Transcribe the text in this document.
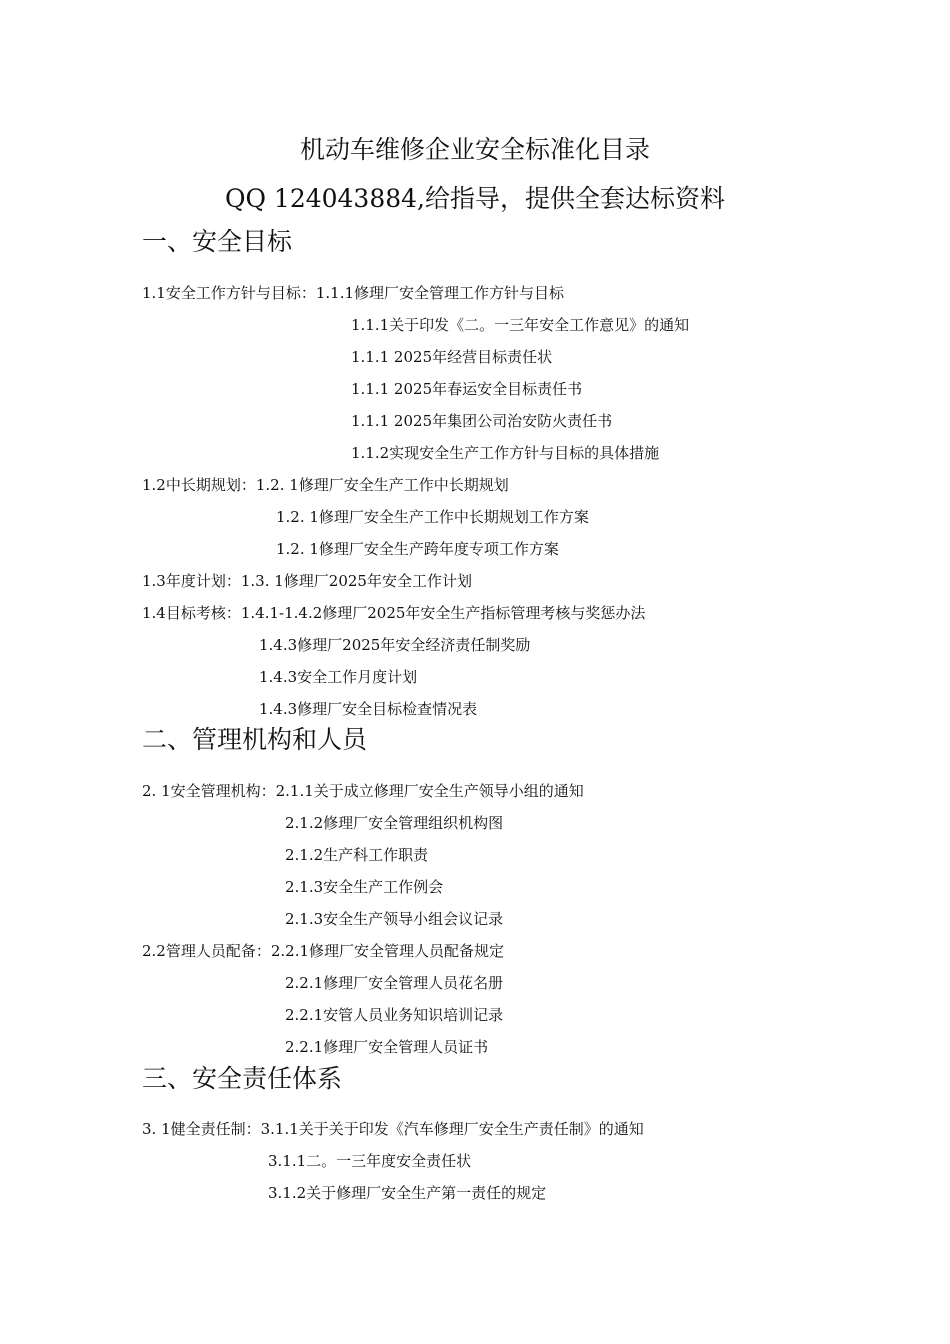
机动车维修企业安全标准化目录
QQ 124043884,给指导，提供全套达标资料
一、安全目标
1.1安全工作方针与目标：1.1.1修理厂安全管理工作方针与目标
1.1.1关于印发《二。一三年安全工作意见》的通知
1.1.1 2025年经营目标责任状
1.1.1 2025年春运安全目标责任书
1.1.1 2025年集团公司治安防火责任书
1.1.2实现安全生产工作方针与目标的具体措施
1.2中长期规划：1.2. 1修理厂安全生产工作中长期规划
1.2. 1修理厂安全生产工作中长期规划工作方案
1.2. 1修理厂安全生产跨年度专项工作方案
1.3年度计划：1.3. 1修理厂2025年安全工作计划
1.4目标考核：1.4.1-1.4.2修理厂2025年安全生产指标管理考核与奖惩办法
1.4.3修理厂2025年安全经济责任制奖励
1.4.3安全工作月度计划
1.4.3修理厂安全目标检查情况表
二、管理机构和人员
2. 1安全管理机构：2.1.1关于成立修理厂安全生产领导小组的通知
2.1.2修理厂安全管理组织机构图
2.1.2生产科工作职责
2.1.3安全生产工作例会
2.1.3安全生产领导小组会议记录
2.2管理人员配备：2.2.1修理厂安全管理人员配备规定
2.2.1修理厂安全管理人员花名册
2.2.1安管人员业务知识培训记录
2.2.1修理厂安全管理人员证书
三、安全责任体系
3. 1健全责任制：3.1.1关于关于印发《汽车修理厂安全生产责任制》的通知
3.1.1二。一三年度安全责任状
3.1.2关于修理厂安全生产第一责任的规定
